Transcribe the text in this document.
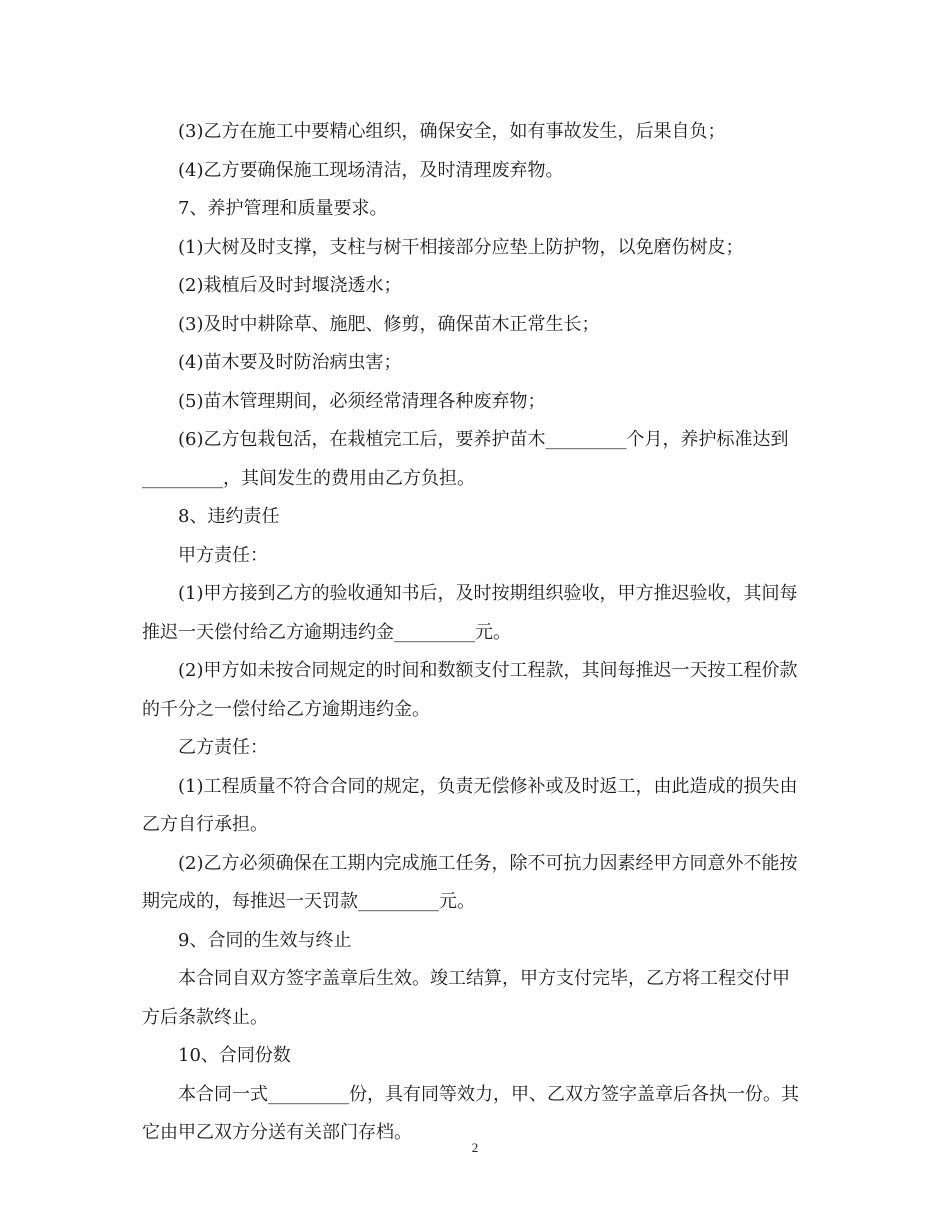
(3)乙方在施工中要精心组织，确保安全，如有事故发生，后果自负；

(4)乙方要确保施工现场清洁，及时清理废弃物。

7、养护管理和质量要求。

(1)大树及时支撑，支柱与树干相接部分应垫上防护物，以免磨伤树皮；

(2)栽植后及时封堰浇透水；

(3)及时中耕除草、施肥、修剪，确保苗木正常生长；

(4)苗木要及时防治病虫害；

(5)苗木管理期间，必须经常清理各种废弃物；

(6)乙方包栽包活，在栽植完工后，要养护苗木_________个月，养护标准达到_________，其间发生的费用由乙方负担。

8、违约责任

甲方责任：

(1)甲方接到乙方的验收通知书后，及时按期组织验收，甲方推迟验收，其间每推迟一天偿付给乙方逾期违约金_________元。

(2)甲方如未按合同规定的时间和数额支付工程款，其间每推迟一天按工程价款的千分之一偿付给乙方逾期违约金。

乙方责任：

(1)工程质量不符合合同的规定，负责无偿修补或及时返工，由此造成的损失由乙方自行承担。

(2)乙方必须确保在工期内完成施工任务，除不可抗力因素经甲方同意外不能按期完成的，每推迟一天罚款_________元。

9、合同的生效与终止

本合同自双方签字盖章后生效。竣工结算，甲方支付完毕，乙方将工程交付甲方后条款终止。

10、合同份数

本合同一式_________份，具有同等效力，甲、乙双方签字盖章后各执一份。其它由甲乙双方分送有关部门存档。

2
